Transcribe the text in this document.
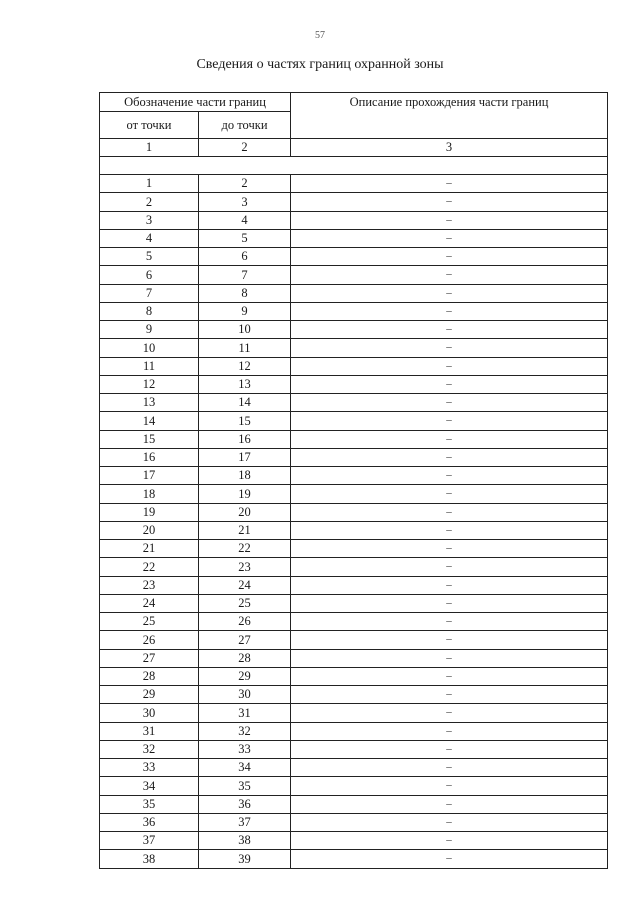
57
Сведения о частях границ охранной зоны
Обозначение части границ		Описание прохождения части границ
от точки	до точки	
1	2	3

1	2	–
2	3	–
3	4	–
4	5	–
5	6	–
6	7	–
7	8	–
8	9	–
9	10	–
10	11	–
11	12	–
12	13	–
13	14	–
14	15	–
15	16	–
16	17	–
17	18	–
18	19	–
19	20	–
20	21	–
21	22	–
22	23	–
23	24	–
24	25	–
25	26	–
26	27	–
27	28	–
28	29	–
29	30	–
30	31	–
31	32	–
32	33	–
33	34	–
34	35	–
35	36	–
36	37	–
37	38	–
38	39	–
